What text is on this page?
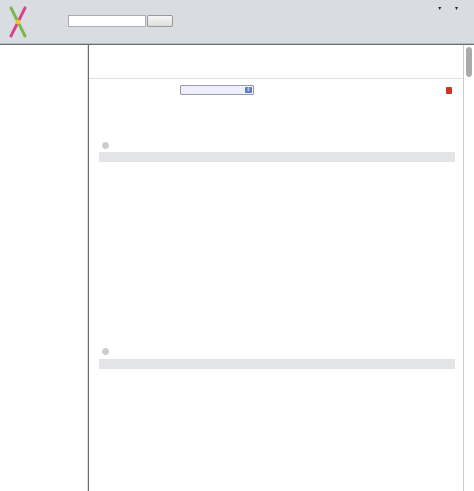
▾ ▾
⇕
